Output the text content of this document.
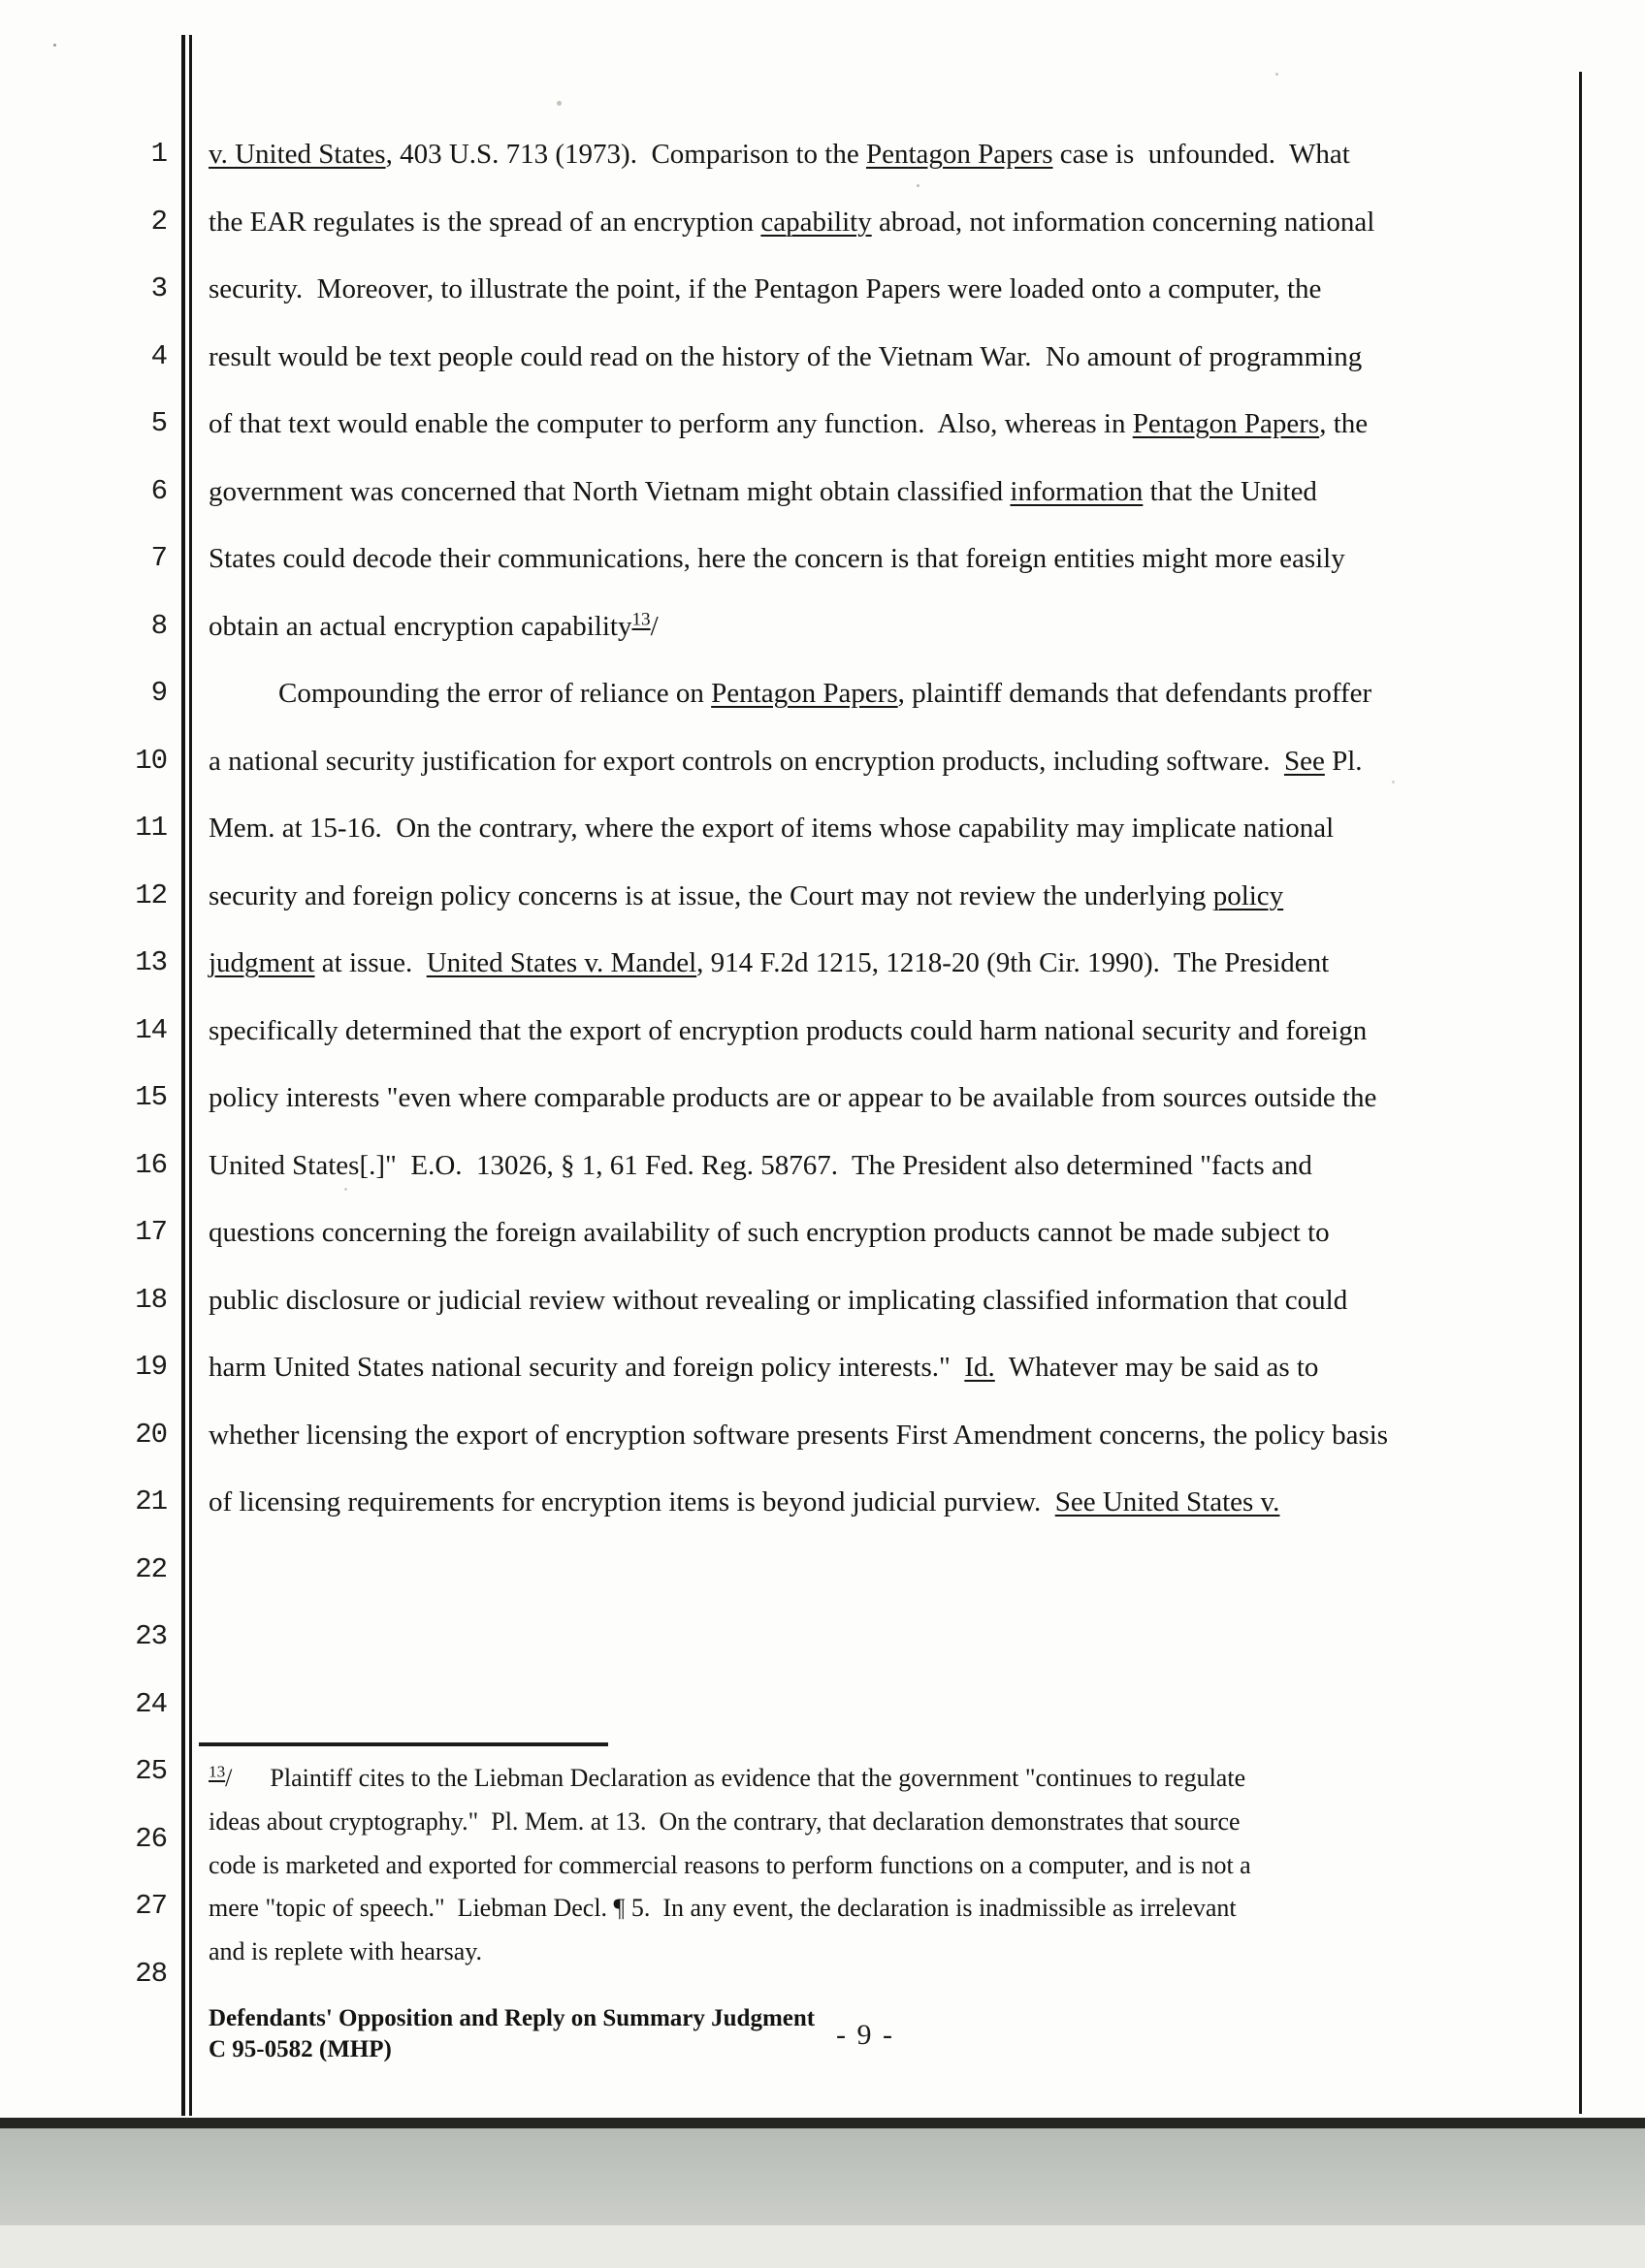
1
2
3
4
5
6
7
8
9
10
11
12
13
14
15
16
17
18
19
20
21
22
23
24
25
26
27
28
v. United States, 403 U.S. 713 (1973).  Comparison to the Pentagon Papers case is  unfounded.  What
the EAR regulates is the spread of an encryption capability abroad, not information concerning national
security.  Moreover, to illustrate the point, if the Pentagon Papers were loaded onto a computer, the
result would be text people could read on the history of the Vietnam War.  No amount of programming
of that text would enable the computer to perform any function.  Also, whereas in Pentagon Papers, the
government was concerned that North Vietnam might obtain classified information that the United
States could decode their communications, here the concern is that foreign entities might more easily
obtain an actual encryption capability$^{13}$/
Compounding the error of reliance on Pentagon Papers, plaintiff demands that defendants proffer
a national security justification for export controls on encryption products, including software.  See Pl.
Mem. at 15-16.  On the contrary, where the export of items whose capability may implicate national
security and foreign policy concerns is at issue, the Court may not review the underlying policy
judgment at issue.  United States v. Mandel, 914 F.2d 1215, 1218-20 (9th Cir. 1990).  The President
specifically determined that the export of encryption products could harm national security and foreign
policy interests "even where comparable products are or appear to be available from sources outside the
United States[.]"  E.O.  13026, § 1, 61 Fed. Reg. 58767.  The President also determined "facts and
questions concerning the foreign availability of such encryption products cannot be made subject to
public disclosure or judicial review without revealing or implicating classified information that could
harm United States national security and foreign policy interests."  Id.  Whatever may be said as to
whether licensing the export of encryption software presents First Amendment concerns, the policy basis
of licensing requirements for encryption items is beyond judicial purview.  See United States v.
$^{13}$/      Plaintiff cites to the Liebman Declaration as evidence that the government "continues to regulate
ideas about cryptography."  Pl. Mem. at 13.  On the contrary, that declaration demonstrates that source
code is marketed and exported for commercial reasons to perform functions on a computer, and is not a
mere "topic of speech."  Liebman Decl. ¶ 5.  In any event, the declaration is inadmissible as irrelevant
and is replete with hearsay.
Defendants' Opposition and Reply on Summary Judgment
C 95-0582 (MHP)	- 9 -
